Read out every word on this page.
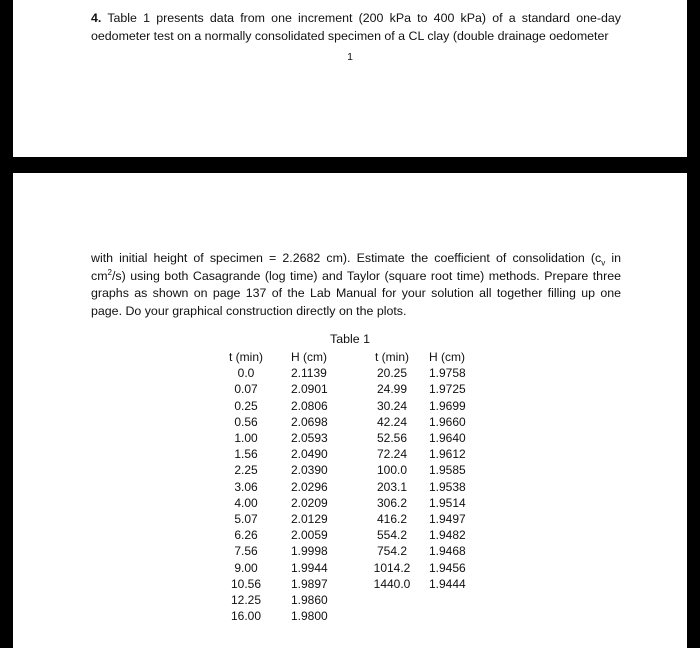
4. Table 1 presents data from one increment (200 kPa to 400 kPa) of a standard one-day oedometer test on a normally consolidated specimen of a CL clay (double drainage oedometer

1

with initial height of specimen = 2.2682 cm). Estimate the coefficient of consolidation ($c_v$ in $cm^2/s$) using both Casagrande (log time) and Taylor (square root time) methods. Prepare three graphs as shown on page 137 of the Lab Manual for your solution all together filling up one page. Do your graphical construction directly on the plots.

Table 1
t (min)
0.0
0.07
0.25
0.56
1.00
1.56
2.25
3.06
4.00
5.07
6.26
7.56
9.00
10.56
12.25
16.00
H (cm)
2.1139
2.0901
2.0806
2.0698
2.0593
2.0490
2.0390
2.0296
2.0209
2.0129
2.0059
1.9998
1.9944
1.9897
1.9860
1.9800
t (min)
20.25
24.99
30.24
42.24
52.56
72.24
100.0
203.1
306.2
416.2
554.2
754.2
1014.2
1440.0
H (cm)
1.9758
1.9725
1.9699
1.9660
1.9640
1.9612
1.9585
1.9538
1.9514
1.9497
1.9482
1.9468
1.9456
1.9444
